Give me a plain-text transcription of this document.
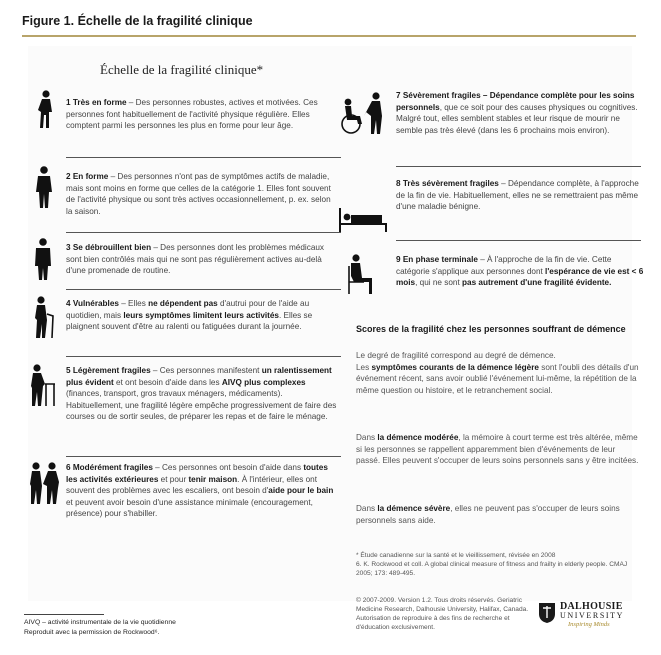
Figure 1. Échelle de la fragilité clinique
Échelle de la fragilité clinique*
1 Très en forme – Des personnes robustes, actives et motivées. Ces personnes font habituellement de l'activité physique régulière. Elles comptent parmi les personnes les plus en forme pour leur âge.
2 En forme – Des personnes n'ont pas de symptômes actifs de maladie, mais sont moins en forme que celles de la catégorie 1. Elles font souvent de l'activité physique ou sont très actives occasionnellement, p. ex. selon la saison.
3 Se débrouillent bien – Des personnes dont les problèmes médicaux sont bien contrôlés mais qui ne sont pas régulièrement actives au-delà d'une promenade de routine.
4 Vulnérables – Elles ne dépendent pas d'autrui pour de l'aide au quotidien, mais leurs symptômes limitent leurs activités. Elles se plaignent souvent d'être au ralenti ou fatiguées durant la journée.
5 Légèrement fragiles – Ces personnes manifestent un ralentissement plus évident et ont besoin d'aide dans les AIVQ plus complexes (finances, transport, gros travaux ménagers, médicaments). Habituellement, une fragilité légère empêche progressivement de faire des courses ou de sortir seules, de préparer les repas et de faire le ménage.
6 Modérément fragiles – Ces personnes ont besoin d'aide dans toutes les activités extérieures et pour tenir maison. À l'intérieur, elles ont souvent des problèmes avec les escaliers, ont besoin d'aide pour le bain et peuvent avoir besoin d'une assistance minimale (encouragement, présence) pour s'habiller.
7 Sévèrement fragiles – Dépendance complète pour les soins personnels, que ce soit pour des causes physiques ou cognitives. Malgré tout, elles semblent stables et leur risque de mourir ne semble pas très élevé (dans les 6 prochains mois environ).
8 Très sévèrement fragiles – Dépendance complète, à l'approche de la fin de vie. Habituellement, elles ne se remettraient pas même d'une maladie bénigne.
9 En phase terminale – À l'approche de la fin de vie. Cette catégorie s'applique aux personnes dont l'espérance de vie est < 6 mois, qui ne sont pas autrement d'une fragilité évidente.
Scores de la fragilité chez les personnes souffrant de démence
Le degré de fragilité correspond au degré de démence.
Les symptômes courants de la démence légère sont l'oubli des détails d'un événement récent, sans avoir oublié l'événement lui-même, la répétition de la même question ou histoire, et le retranchement social.
Dans la démence modérée, la mémoire à court terme est très altérée, même si les personnes se rappellent apparemment bien d'événements de leur passé. Elles peuvent s'occuper de leurs soins personnels sans y être incitées.
Dans la démence sévère, elles ne peuvent pas s'occuper de leurs soins personnels sans aide.
* Étude canadienne sur la santé et le vieillissement, révisée en 2008
6. K. Rockwood et coll. A global clinical measure of fitness and frailty in elderly people. CMAJ 2005; 173: 489-495.
© 2007-2009. Version 1.2. Tous droits réservés. Geriatric Medicine Research, Dalhousie University, Halifax, Canada. Autorisation de reproduire à des fins de recherche et d'éducation exclusivement.
DALHOUSIE
UNIVERSITY
Inspiring Minds
AIVQ – activité instrumentale de la vie quotidienne
Reproduit avec la permission de Rockwood⁶.
